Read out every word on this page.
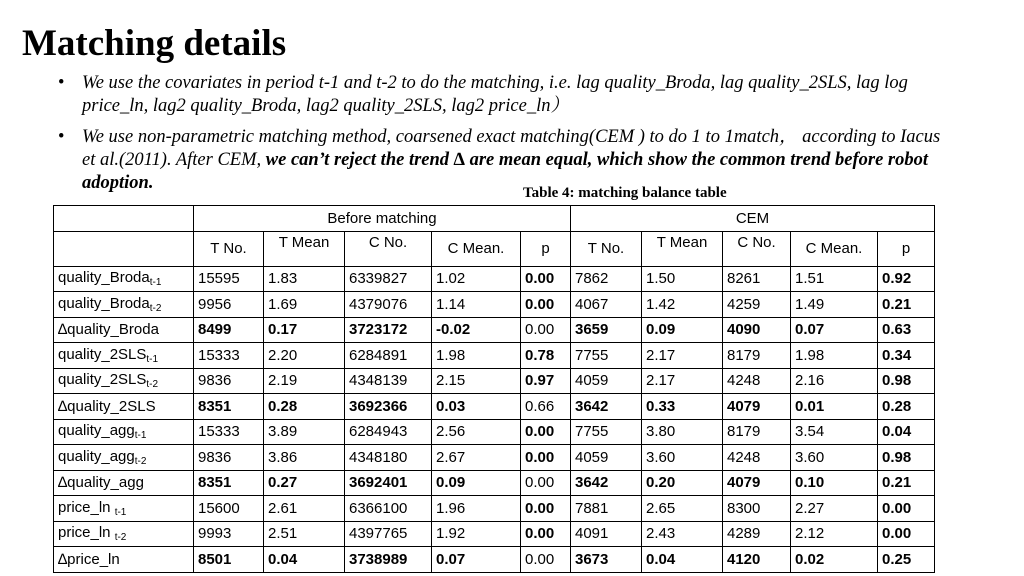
Matching details
• We use the covariates in period t-1 and t-2 to do the matching, i.e. lag quality_Broda, lag quality_2SLS, lag log price_ln, lag2 quality_Broda, lag2 quality_2SLS, lag2 price_ln）
• We use non-parametric matching method, coarsened exact matching(CEM ) to do 1 to 1match， according to Iacus et al.(2011). After CEM, we can’t reject the trend ∆ are mean equal, which show the common trend before robot adoption.	Table 4: matching balance table
	Before matching					CEM				
	T No.	T Mean	C No.	C Mean.	p	T No.	T Mean	C No.	C Mean.	p
quality_Broda$_{t-1}$	15595	1.83	6339827	1.02	0.00	7862	1.50	8261	1.51	0.92
quality_Broda$_{t-2}$	9956	1.69	4379076	1.14	0.00	4067	1.42	4259	1.49	0.21
∆quality_Broda	8499	0.17	3723172	-0.02	0.00	3659	0.09	4090	0.07	0.63
$quality\_2SLS_{t-1}$	15333	2.20	6284891	1.98	0.78	7755	2.17	8179	1.98	0.34
$quality\_2SLS_{t-2}$	9836	2.19	4348139	2.15	0.97	4059	2.17	4248	2.16	0.98
∆quality_2SLS	8351	0.28	3692366	0.03	0.66	3642	0.33	4079	0.01	0.28
quality_agg$_{t-1}$	15333	3.89	6284943	2.56	0.00	7755	3.80	8179	3.54	0.04
quality_agg$_{t-2}$	9836	3.86	4348180	2.67	0.00	4059	3.60	4248	3.60	0.98
∆quality_agg	8351	0.27	3692401	0.09	0.00	3642	0.20	4079	0.10	0.21
price_ln $_{t-1}$	15600	2.61	6366100	1.96	0.00	7881	2.65	8300	2.27	0.00
price_ln $_{t-2}$	9993	2.51	4397765	1.92	0.00	4091	2.43	4289	2.12	0.00
∆price_ln	8501	0.04	3738989	0.07	0.00	3673	0.04	4120	0.02	0.25
